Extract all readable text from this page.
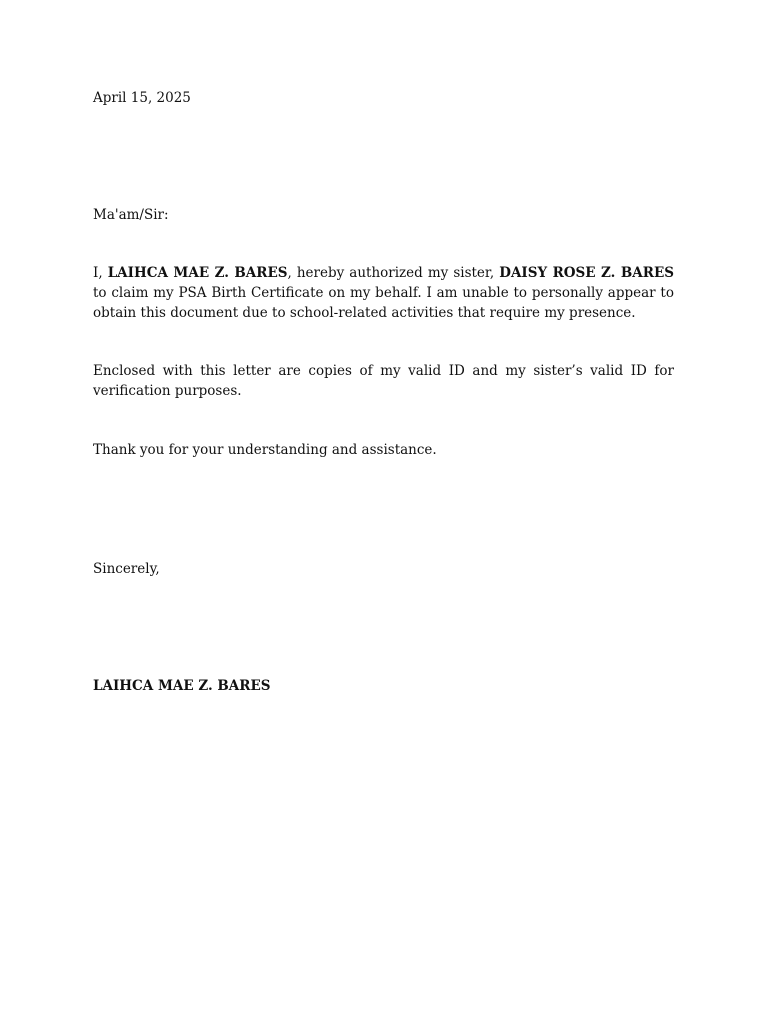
April 15, 2025

Ma'am/Sir:

I, LAIHCA MAE Z. BARES, hereby authorized my sister, DAISY ROSE Z. BARES to claim my PSA Birth Certificate on my behalf. I am unable to personally appear to obtain this document due to school-related activities that require my presence.

Enclosed with this letter are copies of my valid ID and my sister’s valid ID for verification purposes.

Thank you for your understanding and assistance.

Sincerely,

LAIHCA MAE Z. BARES
